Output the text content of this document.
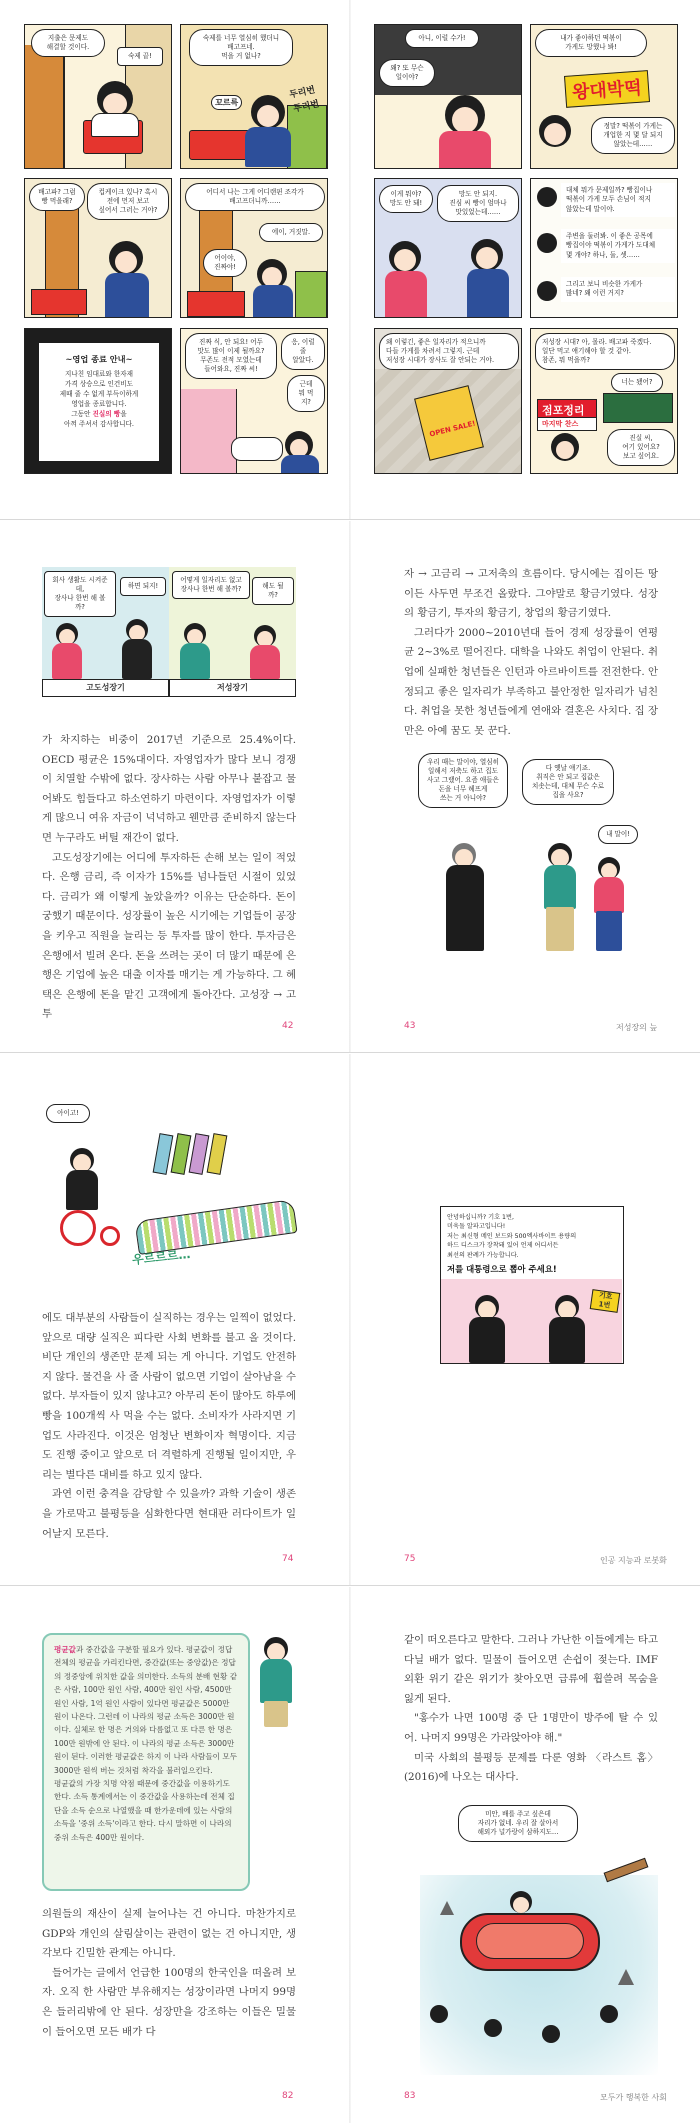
지출은 문제도
해결할 것이다.
숙제 끝!
숙제를 너무 열심히 했더니
배고프네.
먹을 거 없나?
두리번
두리번
꼬르륵
배고파? 그럼
빵 먹을래?
컵케이크 있나? 혹시
전에 먼저 보고
싶어서 그러는 거야?
어디서 나는 그게 어디랜핀 조각가
배고프더니까……
에이, 거짓말.
어이야,
진짜야!
~영업 종료 안내~
지나친 임대료와 한자재
가격 상승으로 인건비도
제때 줄 수 없게 부득이하게
영업을 종료합니다.
그동안 진실의 빵을
아껴 주셔서 감사합니다.
진짜 식, 안 되요! 어두
맛도 많이 이제 될까요?
무존도 전적 모였는데
들어와요, 진짜 씨!
응, 이럴 줄
알았다.
근데
뭐 먹지?
아니, 이럴 수가!
왜? 또 무슨
일이야?
왕대박떡
내가 좋아하던 떡볶이
가게도 망했나 봐!
정말? 떡볶이 가게는
개업한 지 몇 달 되지
않았는데……
이게 뭐야?
망도 안 돼!
망도 안 되지.
진심 씨 빵이 엄마나
맛있었는데……
대체 뭐가 문제일까? 빵집이나
떡볶이 가게 모두 손님이 적지
않았는데 말이야.
주변을 둘러봐. 이 좋은 공목에
빵집이야 떡볶이 가게가 도대체
몇 개야? 하나, 둘, 셋……
그리고 보니 비슷한 가게가
많네? 왜 이런 거지?
OPEN SALE!
왜 이렇긴, 좋은 일자리가 적으니까
다들 가게를 차려서 그렇지. 근데
저성장 시대가 장사도 잘 안되는 거야.
점포정리
마지막 찬스
저성장 시대? 아, 몰라. 배고파 죽겠다.
일단 먹고 얘기해야 할 것 같아.
참존, 뭐 먹을까?
너는 됐어?
진실 씨,
여기 있어요?
보고 싶어요.
회사 생활도 시켜준데,
장사나 한번 해 볼까?
하면 되지!
어떻게 일자리도 없고
장사나 한번 해 볼까?	해도 될까?
고도성장기	저성장기

가 차지하는 비중이 2017년 기준으로 25.4%이다. OECD 평균은 15%대이다. 자영업자가 많다 보니 경쟁이 치열할 수밖에 없다. 장사하는 사람 아무나 붙잡고 물어봐도 힘들다고 하소연하기 마련이다. 자영업자가 이렇게 많으니 여유 자금이 넉넉하고 웬만큼 준비하지 않는다면 누구라도 버틸 재간이 없다.

고도성장기에는 어디에 투자하든 손해 보는 일이 적었다. 은행 금리, 즉 이자가 15%를 넘나들던 시절이 있었다. 금리가 왜 이렇게 높았을까? 이유는 단순하다. 돈이 궁했기 때문이다. 성장률이 높은 시기에는 기업들이 공장을 키우고 직원을 늘리는 등 투자를 많이 한다. 투자금은 은행에서 빌려 온다. 돈을 쓰려는 곳이 더 많기 때문에 은행은 기업에 높은 대출 이자를 매기는 게 가능하다. 그 혜택은 은행에 돈을 맡긴 고객에게 돌아간다. 고성장 → 고투

42

자 → 고금리 → 고저축의 흐름이다. 당시에는 집이든 땅이든 사두면 무조건 올랐다. 그야말로 황금기였다. 성장의 황금기, 투자의 황금기, 창업의 황금기였다.

그러다가 2000~2010년대 들어 경제 성장률이 연평균 2~3%로 떨어진다. 대학을 나와도 취업이 안된다. 취업에 실패한 청년들은 인턴과 아르바이트를 전전한다. 안정되고 좋은 일자리가 부족하고 불안정한 일자리가 넘친다. 취업을 못한 청년들에게 연애와 결혼은 사치다. 집 장만은 아예 꿈도 못 꾼다.

우리 때는 말이야, 열심히
일해서 저축도 하고 집도
사고 그랬어. 요즘 애들은
돈을 너무 헤프게
쓰는 거 아니야?
다 옛날 얘기죠.
취직은 안 되고 집값은
치솟는데, 대체 무슨 수로
집을 사요?
내 말이!
43	저성장의 늪
아이고!
우르르르…

에도 대부분의 사람들이 실직하는 경우는 일찍이 없었다. 앞으로 대량 실직은 피다란 사회 변화를 불고 올 것이다. 비단 개인의 생존만 문제 되는 게 아니다. 기업도 안전하지 않다. 물건을 사 줄 사람이 없으면 기업이 살아남을 수 없다. 부자들이 있지 않냐고? 아무리 돈이 많아도 하루에 빵을 100개씩 사 먹을 수는 없다. 소비자가 사라지면 기업도 사라진다. 이것은 엄청난 변화이자 혁명이다. 지금도 진행 중이고 앞으로 더 격렬하게 진행될 일이지만, 우리는 별다른 대비를 하고 있지 않다.

과연 이런 충격을 감당할 수 있을까? 과학 기술이 생존을 가로막고 불평등을 심화한다면 현대판 러다이트가 일어날지 모른다.

74
안녕하십니까? 기호 1번,
미욱돌 알파고입니다!
저는 최신형 메인 보드와 500엑사바이트 용량의
하드 디스크가 장착돼 있어 언제 어디서든
최선의 판례가 가능합니다.
저를 대통령으로 뽑아 주세요!
기호
1번
75	인공 지능과 로봇화
평균값과 중간값을 구분할 필요가 있다. 평균값이 정답 전체의 평균을 가리킨다면, 중간값(또는 중앙값)은 정답의 정중앙에 위치한 값을 의미한다. 소득의 분배 현황 같은 사람, 100만 원인 사람, 400만 원인 사람, 4500만 원인 사람, 1억 원인 사람이 있다면 평균값은 5000만 원이 나온다. 그런데 이 나라의 평균 소득은 3000만 원이다. 실체로 한 명은 거의와 다름없고 또 다른 한 명은 100만 원밖에 안 된다. 이 나라의 평균 소득은 3000만 원이 된다. 이러한 평균값은 하지 이 나라 사람들이 모두 3000만 원씩 버는 것처럼 착각을 불러일으킨다.
평균값의 가장 치명 약점 때문에 중간값을 이용하기도 한다. 소득 통계에서는 이 중간값을 사용하는데 전체 집단을 소득 순으로 나열했을 때 한가운데에 있는 사람의 소득을 '중위 소득'이라고 한다. 다시 말하면 이 나라의 중위 소득은 400만 원이다.

의원들의 재산이 실제 늘어나는 건 아니다. 마찬가지로 GDP와 개인의 살림살이는 관련이 없는 건 아니지만, 생각보다 긴밀한 관계는 아니다.

들어가는 글에서 언급한 100명의 한국인을 떠올려 보자. 오직 한 사람만 부유해지는 성장이라면 나머지 99명은 들러리밖에 안 된다. 성장만을 강조하는 이들은 밀물이 들어오면 모든 배가 다

82

같이 떠오른다고 말한다. 그러나 가난한 이들에게는 타고 다닐 배가 없다. 밀물이 들어오면 손쉽이 젖는다. IMF 외환 위기 같은 위기가 찾아오면 급류에 휩쓸려 목숨을 잃게 된다.

"홍수가 나면 100명 중 단 1명만이 방주에 탈 수 있어. 나머지 99명은 가라앉아야 해."

미국 사회의 불평등 문제를 다룬 영화 〈라스트 홈〉(2016)에 나오는 대사다.

미안, 배를 주고 싶은데
자리가 없네. 우리 잘 살아서
해외가 널가랑이 삼하지도…
83	모두가 행복한 사회
